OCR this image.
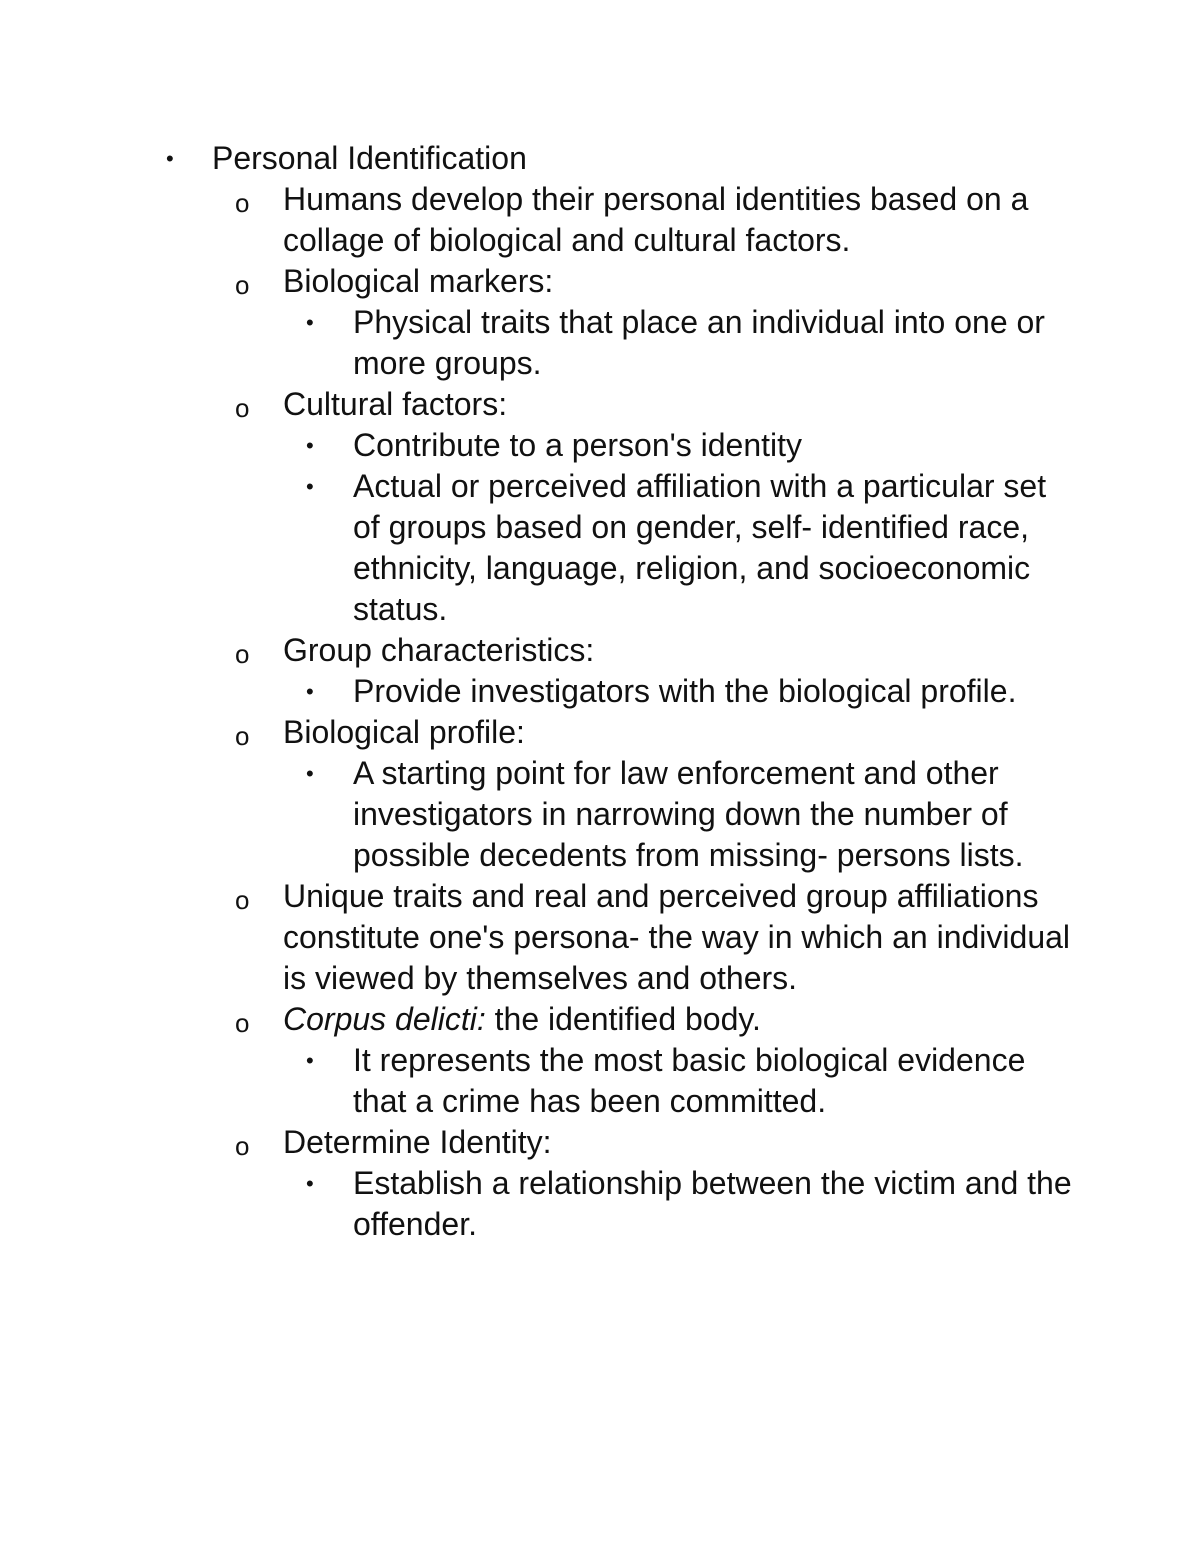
• Personal Identification
o Humans develop their personal identities based on a collage of biological and cultural factors.
o Biological markers:
• Physical traits that place an individual into one or more groups.
o Cultural factors:
• Contribute to a person's identity
• Actual or perceived affiliation with a particular set of groups based on gender, self- identified race, ethnicity, language, religion, and socioeconomic status.
o Group characteristics:
• Provide investigators with the biological profile.
o Biological profile:
• A starting point for law enforcement and other investigators in narrowing down the number of possible decedents from missing- persons lists.
o Unique traits and real and perceived group affiliations constitute one's persona- the way in which an individual is viewed by themselves and others.
o Corpus delicti: the identified body.
• It represents the most basic biological evidence that a crime has been committed.
o Determine Identity:
• Establish a relationship between the victim and the offender.
